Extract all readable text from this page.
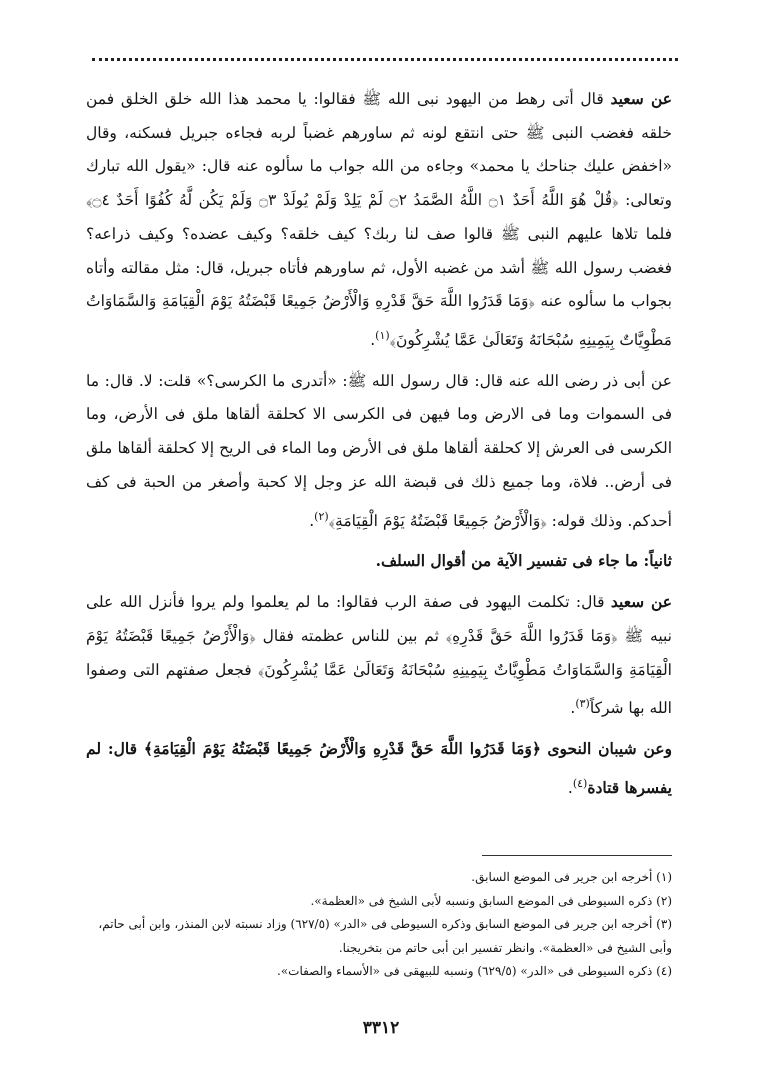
عن سعيد قال أتى رهط من اليهود نبى الله ﷺ فقالوا: يا محمد هذا الله خلق الخلق فمن خلقه فغضب النبى ﷺ حتى انتقع لونه ثم ساورهم غضباً لربه فجاءه جبريل فسكنه، وقال «اخفض عليك جناحك يا محمد» وجاءه من الله جواب ما سألوه عنه قال: «يقول الله تبارك وتعالى: ﴿قُلْ هُوَ اللَّهُ أَحَدٌ ۝١ اللَّهُ الصَّمَدُ ۝٢ لَمْ يَلِدْ وَلَمْ يُولَدْ ۝٣ وَلَمْ يَكُن لَّهُ كُفُوًا أَحَدٌ ۝٤﴾ فلما تلاها عليهم النبى ﷺ قالوا صف لنا ربك؟ كيف خلقه؟ وكيف عضده؟ وكيف ذراعه؟ فغضب رسول الله ﷺ أشد من غضبه الأول، ثم ساورهم فأتاه جبريل، قال: مثل مقالته وأتاه بجواب ما سألوه عنه ﴿وَمَا قَدَرُوا اللَّهَ حَقَّ قَدْرِهِ وَالْأَرْضُ جَمِيعًا قَبْضَتُهُ يَوْمَ الْقِيَامَةِ وَالسَّمَاوَاتُ مَطْوِيَّاتٌ بِيَمِينِهِ سُبْحَانَهُ وَتَعَالَىٰ عَمَّا يُشْرِكُونَ﴾$^{(١)}$.

عن أبى ذر رضى الله عنه قال: قال رسول الله ﷺ: «أتدرى ما الكرسى؟» قلت: لا. قال: ما فى السموات وما فى الارض وما فيهن فى الكرسى الا كحلقة ألقاها ملق فى الأرض، وما الكرسى فى العرش إلا كحلقة ألقاها ملق فى الأرض وما الماء فى الريح إلا كحلقة ألقاها ملق فى أرض.. فلاة، وما جميع ذلك فى قبضة الله عز وجل إلا كحبة وأصغر من الحبة فى كف أحدكم. وذلك قوله: ﴿وَالْأَرْضُ جَمِيعًا قَبْضَتُهُ يَوْمَ الْقِيَامَةِ﴾$^{(٢)}$.

ثانياً: ما جاء فى تفسير الآية من أقوال السلف.

عن سعيد قال: تكلمت اليهود فى صفة الرب فقالوا: ما لم يعلموا ولم يروا فأنزل الله على نبيه ﷺ ﴿وَمَا قَدَرُوا اللَّهَ حَقَّ قَدْرِهِ﴾ ثم بين للناس عظمته فقال ﴿وَالْأَرْضُ جَمِيعًا قَبْضَتُهُ يَوْمَ الْقِيَامَةِ وَالسَّمَاوَاتُ مَطْوِيَّاتٌ بِيَمِينِهِ سُبْحَانَهُ وَتَعَالَىٰ عَمَّا يُشْرِكُونَ﴾ فجعل صفتهم التى وصفوا الله بها شركاً$^{(٣)}$.

وعن شيبان النحوى ﴿وَمَا قَدَرُوا اللَّهَ حَقَّ قَدْرِهِ وَالْأَرْضُ جَمِيعًا قَبْضَتُهُ يَوْمَ الْقِيَامَةِ﴾ قال: لم يفسرها قتادة$^{(٤)}$.

(١) أخرجه ابن جرير فى الموضع السابق.

(٢) ذكره السيوطى فى الموضع السابق ونسبه لأبى الشيخ فى «العظمة».

(٣) أخرجه ابن جرير فى الموضع السابق وذكره السيوطى فى «الدر» (٦٢٧/٥) وزاد نسبته لابن المنذر، وابن أبى حاتم، وأبى الشيخ فى «العظمة». وانظر تفسير ابن أبى حاتم من بتخريجنا.

(٤) ذكره السيوطى فى «الدر» (٦٢٩/٥) ونسبه للبيهقى فى «الأسماء والصفات».

٣٣١٢
